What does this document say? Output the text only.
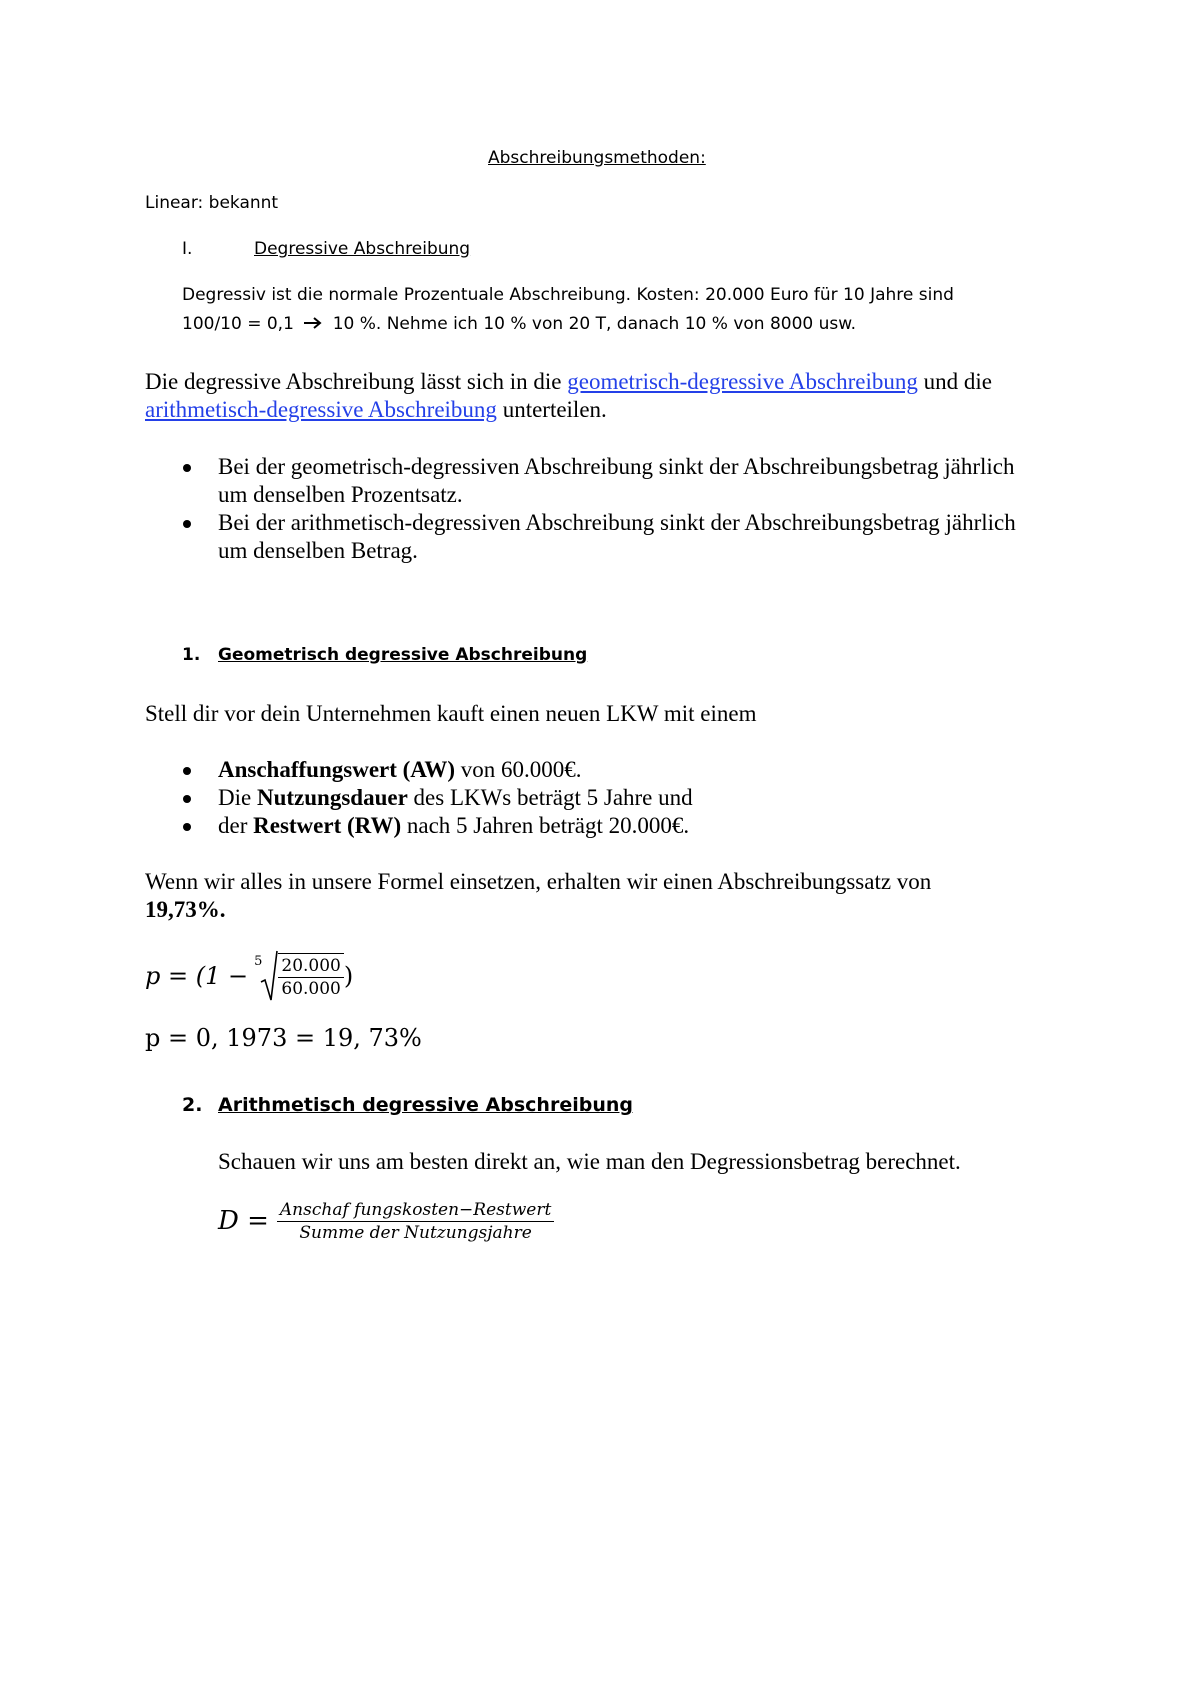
Abschreibungsmethoden:
Linear: bekannt
I.	Degressive Abschreibung
Degressiv ist die normale Prozentuale Abschreibung. Kosten: 20.000 Euro für 10 Jahre sind
100/10 = 0,1 10 %. Nehme ich 10 % von 20 T, danach 10 % von 8000 usw.
Die degressive Abschreibung lässt sich in die geometrisch-degressive Abschreibung und die
arithmetisch-degressive Abschreibung unterteilen.
Bei der geometrisch-degressiven Abschreibung sinkt der Abschreibungsbetrag jährlich
um denselben Prozentsatz.
Bei der arithmetisch-degressiven Abschreibung sinkt der Abschreibungsbetrag jährlich
um denselben Betrag.
1. Geometrisch degressive Abschreibung
Stell dir vor dein Unternehmen kauft einen neuen LKW mit einem
Anschaffungswert (AW) von 60.000€.
Die Nutzungsdauer des LKWs beträgt 5 Jahre und
der Restwert (RW) nach 5 Jahren beträgt 20.000€.
Wenn wir alles in unsere Formel einsetzen, erhalten wir einen Abschreibungssatz von
19,73%.
p = (1 −
$5 \frac{20.000}{60.000}$ )
p = 0, 1973 = 19, 73%
2. Arithmetisch degressive Abschreibung
Schauen wir uns am besten direkt an, wie man den Degressionsbetrag berechnet.
$D = \frac{\text{Anschaf fungskosten−Restwert}}{\text{Summe der Nutzungsjahre}}$
